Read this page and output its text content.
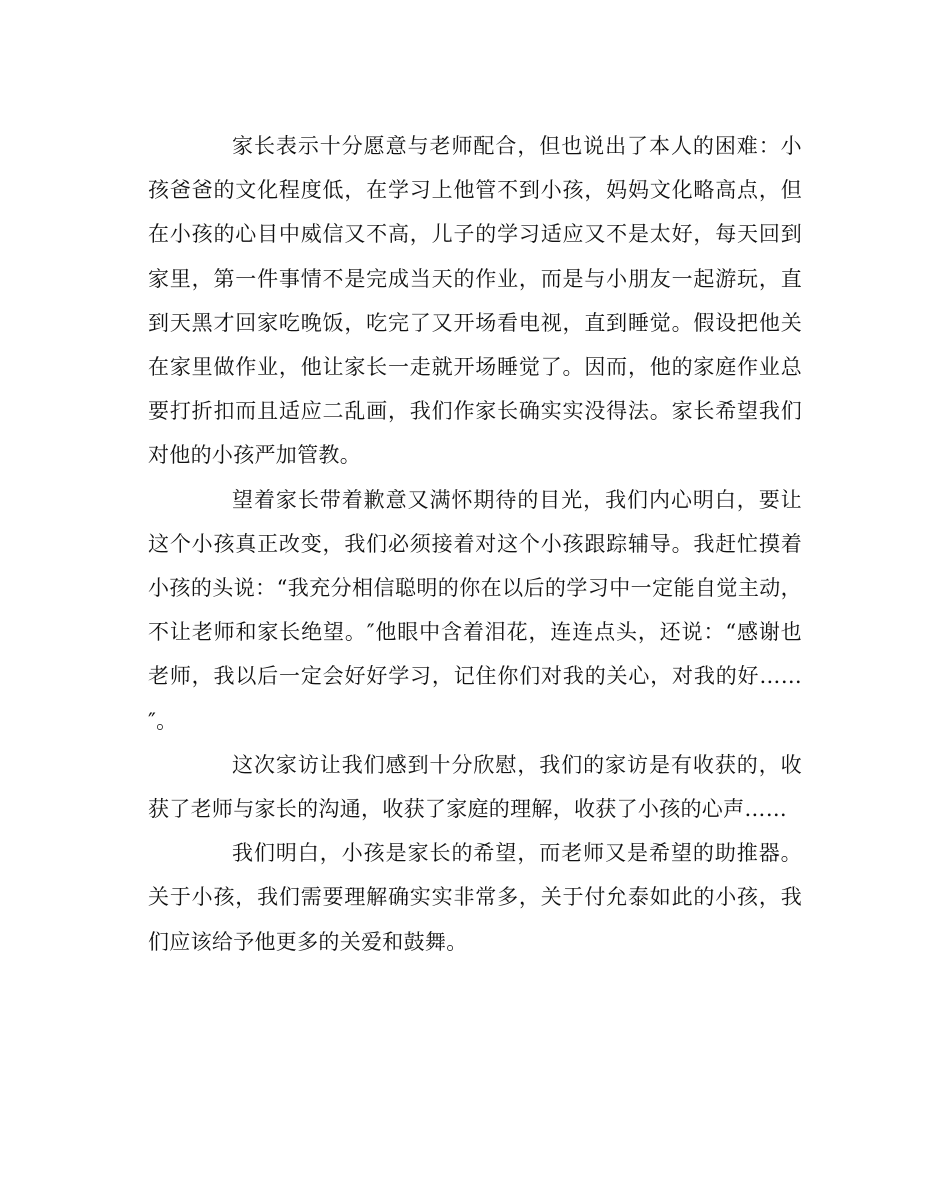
家长表示十分愿意与老师配合，但也说出了本人的困难：小孩爸爸的文化程度低，在学习上他管不到小孩，妈妈文化略高点，但在小孩的心目中威信又不高，儿子的学习适应又不是太好，每天回到家里，第一件事情不是完成当天的作业，而是与小朋友一起游玩，直到天黑才回家吃晚饭，吃完了又开场看电视，直到睡觉。假设把他关在家里做作业，他让家长一走就开场睡觉了。因而，他的家庭作业总要打折扣而且适应二乱画，我们作家长确实实没得法。家长希望我们对他的小孩严加管教。

望着家长带着歉意又满怀期待的目光，我们内心明白，要让这个小孩真正改变，我们必须接着对这个小孩跟踪辅导。我赶忙摸着小孩的头说：“我充分相信聪明的你在以后的学习中一定能自觉主动，不让老师和家长绝望。″他眼中含着泪花，连连点头，还说：“感谢也老师，我以后一定会好好学习，记住你们对我的关心，对我的好……″。

这次家访让我们感到十分欣慰，我们的家访是有收获的，收获了老师与家长的沟通，收获了家庭的理解，收获了小孩的心声……

我们明白，小孩是家长的希望，而老师又是希望的助推器。关于小孩，我们需要理解确实实非常多，关于付允泰如此的小孩，我们应该给予他更多的关爱和鼓舞。
